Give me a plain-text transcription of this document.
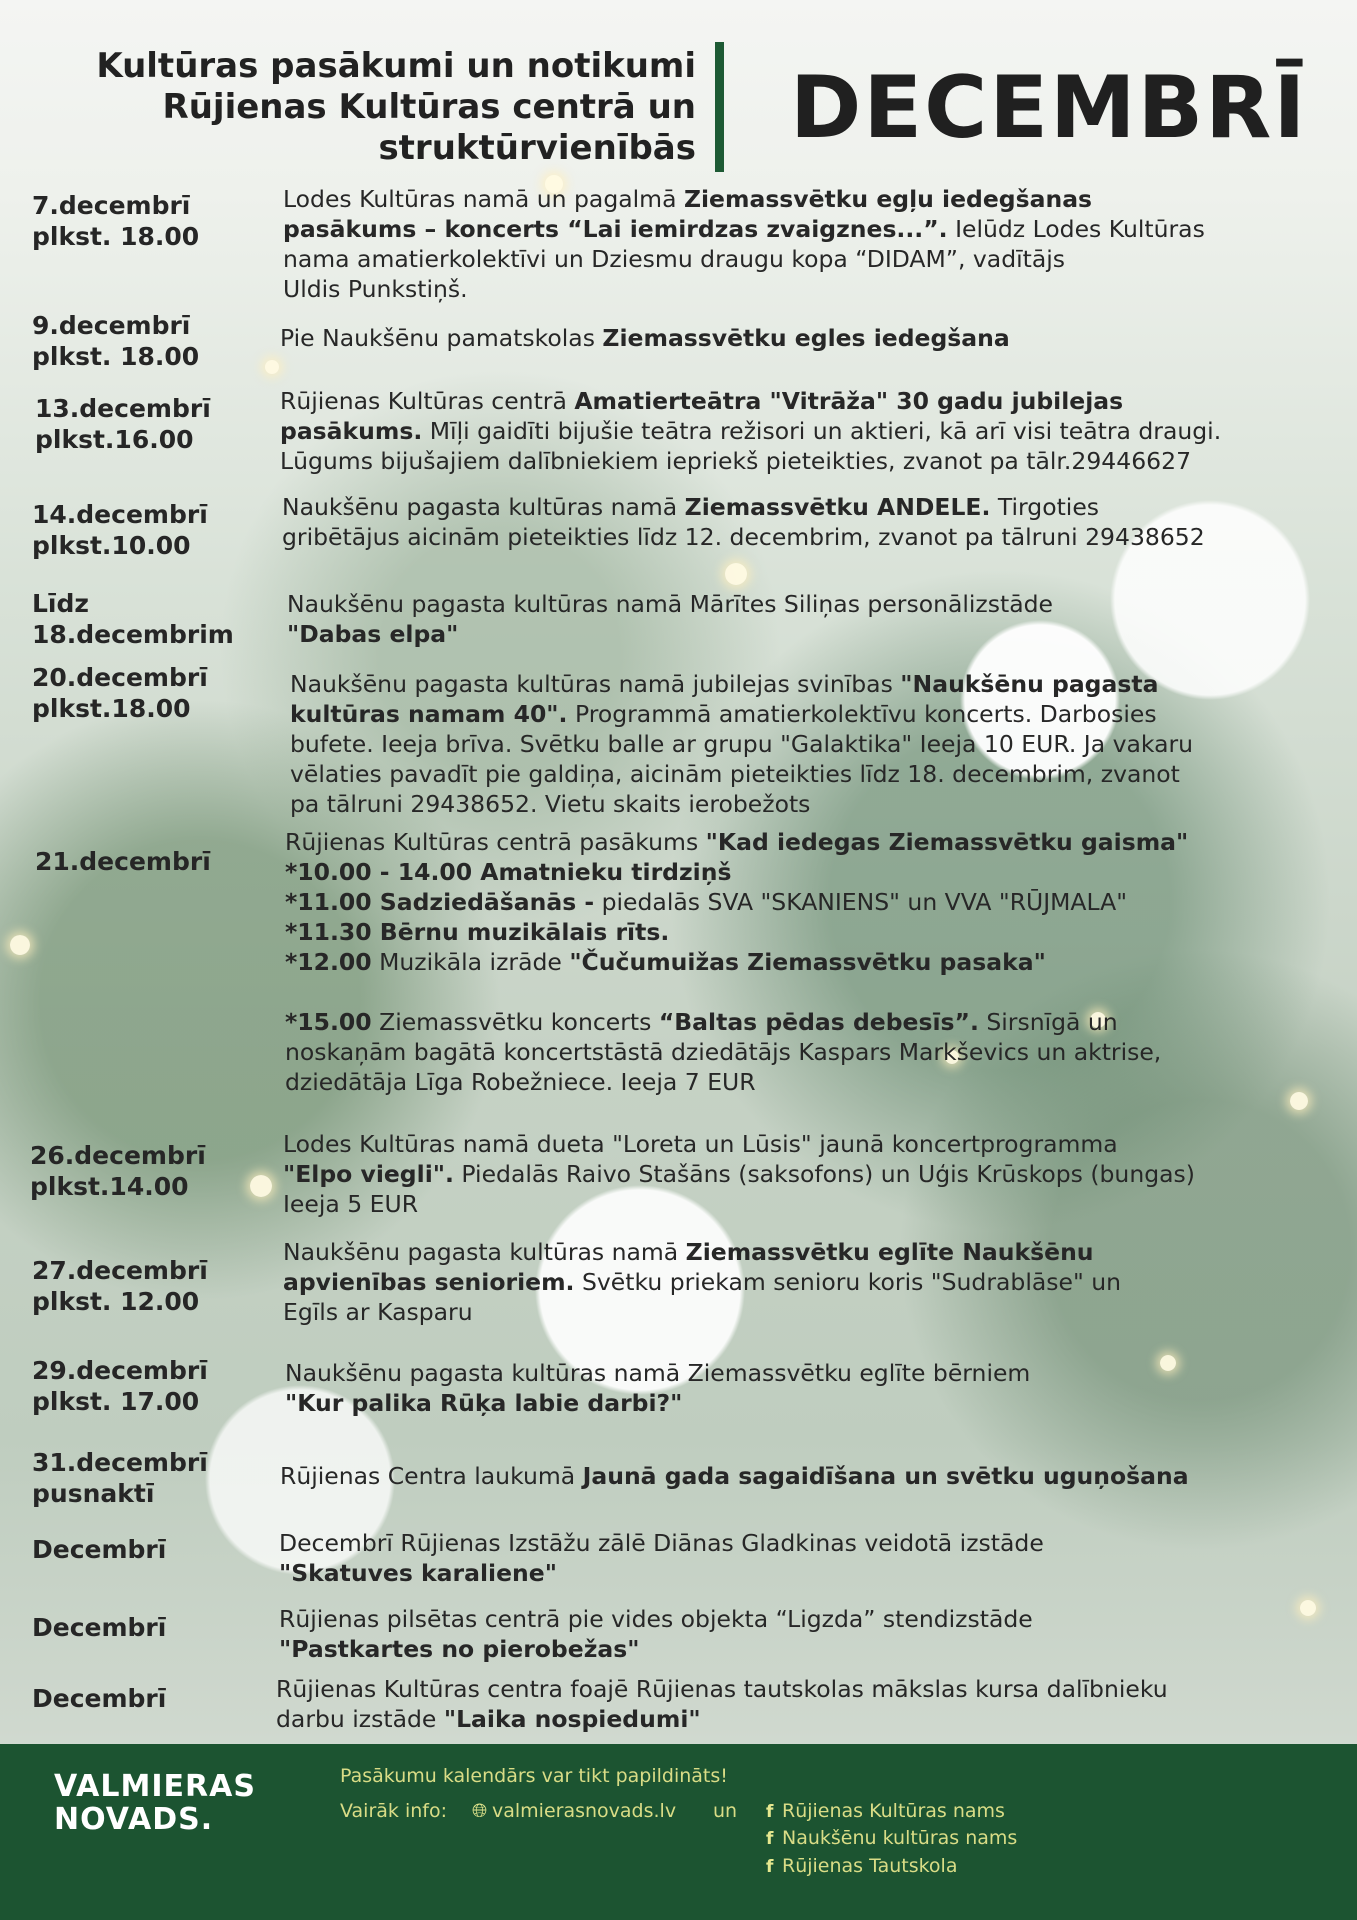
Kultūras pasākumi un notikumi
Rūjienas Kultūras centrā un
struktūrvienībās DECEMBRĪ
7.decembrī
plkst. 18.00
Lodes Kultūras namā un pagalmā Ziemassvētku egļu iedegšanas
pasākums – koncerts “Lai iemirdzas zvaigznes...”. Ielūdz Lodes Kultūras
nama amatierkolektīvi un Dziesmu draugu kopa “DIDAM”, vadītājs
Uldis Punkstiņš.
9.decembrī
plkst. 18.00
Pie Naukšēnu pamatskolas Ziemassvētku egles iedegšana
13.decembrī
plkst.16.00
Rūjienas Kultūras centrā Amatierteātra "Vitrāža" 30 gadu jubilejas
pasākums. Mīļi gaidīti bijušie teātra režisori un aktieri, kā arī visi teātra draugi.
Lūgums bijušajiem dalībniekiem iepriekš pieteikties, zvanot pa tālr.29446627
14.decembrī
plkst.10.00
Naukšēnu pagasta kultūras namā Ziemassvētku ANDELE. Tirgoties
gribētājus aicinām pieteikties līdz 12. decembrim, zvanot pa tālruni 29438652
Līdz
18.decembrim
Naukšēnu pagasta kultūras namā Mārītes Siliņas personālizstāde
"Dabas elpa"
20.decembrī
plkst.18.00
Naukšēnu pagasta kultūras namā jubilejas svinības "Naukšēnu pagasta
kultūras namam 40". Programmā amatierkolektīvu koncerts. Darbosies
bufete. Ieeja brīva. Svētku balle ar grupu "Galaktika" Ieeja 10 EUR. Ja vakaru
vēlaties pavadīt pie galdiņa, aicinām pieteikties līdz 18. decembrim, zvanot
pa tālruni 29438652. Vietu skaits ierobežots
21.decembrī
Rūjienas Kultūras centrā pasākums "Kad iedegas Ziemassvētku gaisma"
*10.00 - 14.00 Amatnieku tirdziņš
*11.00 Sadziedāšanās - piedalās SVA "SKANIENS" un VVA "RŪJMALA"
*11.30 Bērnu muzikālais rīts.
*12.00 Muzikāla izrāde "Čučumuižas Ziemassvētku pasaka"

*15.00 Ziemassvētku koncerts “Baltas pēdas debesīs”. Sirsnīgā un
noskaņām bagātā koncertstāstā dziedātājs Kaspars Markševics un aktrise,
dziedātāja Līga Robežniece. Ieeja 7 EUR
26.decembrī
plkst.14.00
Lodes Kultūras namā dueta "Loreta un Lūsis" jaunā koncertprogramma
"Elpo viegli". Piedalās Raivo Stašāns (saksofons) un Uģis Krūskops (bungas)
Ieeja 5 EUR
27.decembrī
plkst. 12.00
Naukšēnu pagasta kultūras namā Ziemassvētku eglīte Naukšēnu
apvienības senioriem. Svētku priekam senioru koris "Sudrablāse" un
Egīls ar Kasparu
29.decembrī
plkst. 17.00
Naukšēnu pagasta kultūras namā Ziemassvētku eglīte bērniem
"Kur palika Rūķa labie darbi?"
31.decembrī
pusnaktī
Rūjienas Centra laukumā Jaunā gada sagaidīšana un svētku uguņošana
Decembrī	Decembrī Rūjienas Izstāžu zālē Diānas Gladkinas veidotā izstāde
"Skatuves karaliene"
Decembrī	Rūjienas pilsētas centrā pie vides objekta “Ligzda” stendizstāde
"Pastkartes no pierobežas"
Decembrī	Rūjienas Kultūras centra foajē Rūjienas tautskolas mākslas kursa dalībnieku
darbu izstāde "Laika nospiedumi"
VALMIERAS
NOVADS.
Pasākumu kalendārs var tikt papildināts!
Vairāk info: 🌐︎ valmierasnovads.lv un f Rūjienas Kultūras nams
f Naukšēnu kultūras nams
f Rūjienas Tautskola
